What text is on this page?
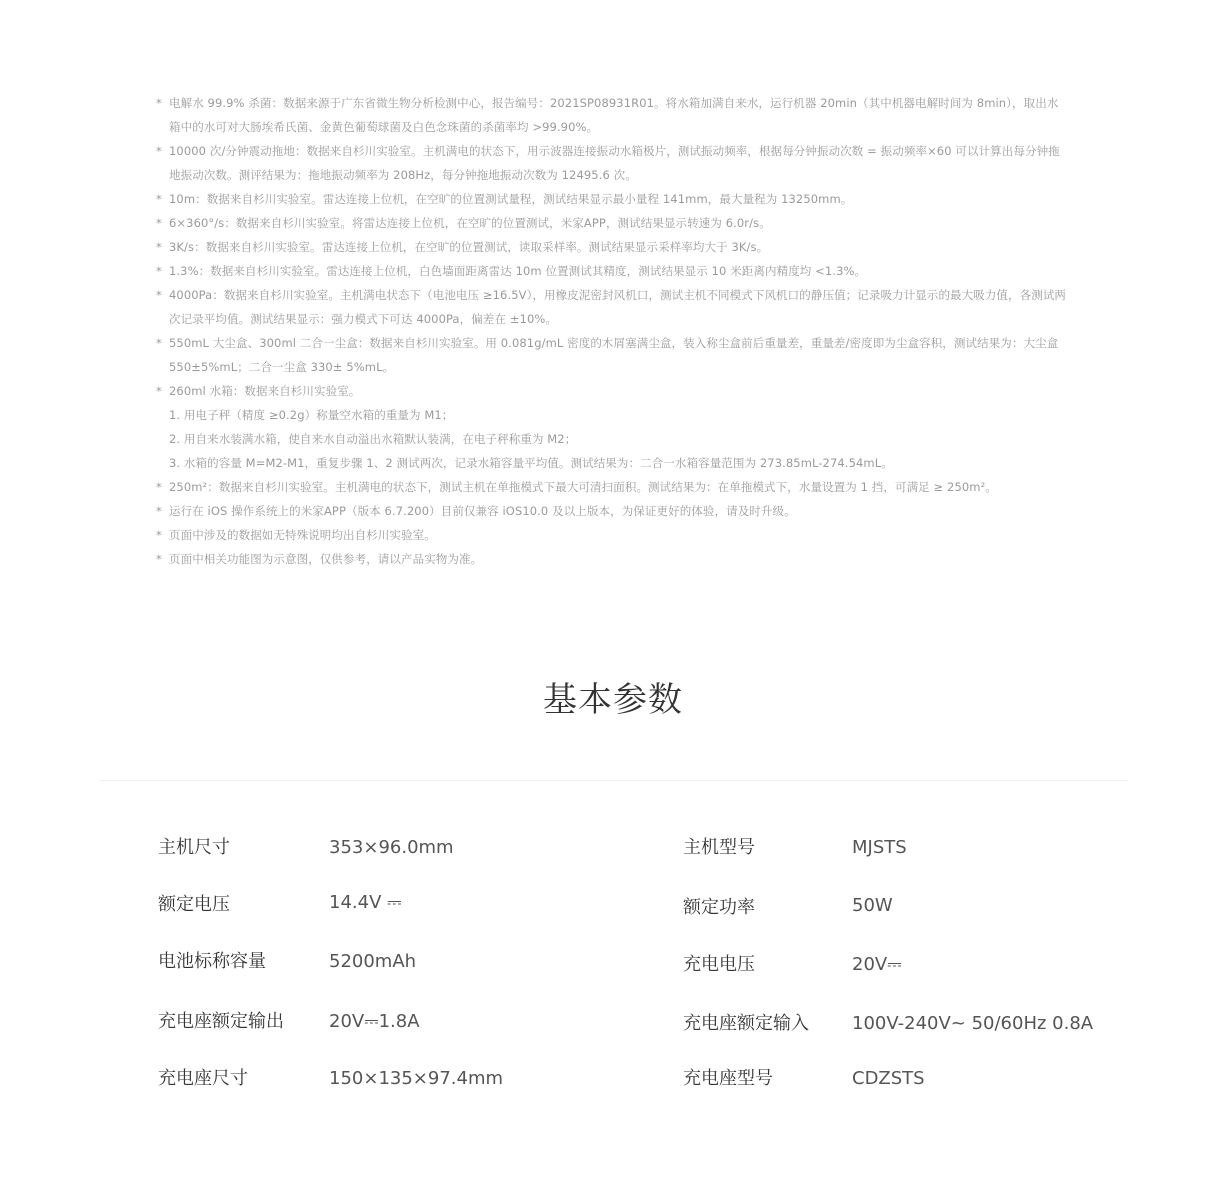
* 电解水 99.9% 杀菌：数据来源于广东省微生物分析检测中心，报告编号：2021SP08931R01。将水箱加满自来水，运行机器 20min（其中机器电解时间为 8min），取出水箱中的水可对大肠埃希氏菌、金黄色葡萄球菌及白色念珠菌的杀菌率均 >99.90%。
* 10000 次/分钟震动拖地：数据来自杉川实验室。主机满电的状态下，用示波器连接振动水箱极片，测试振动频率，根据每分钟振动次数 = 振动频率×60 可以计算出每分钟拖地振动次数。测评结果为：拖地振动频率为 208Hz，每分钟拖地振动次数为 12495.6 次。
* 10m：数据来自杉川实验室。雷达连接上位机，在空旷的位置测试量程，测试结果显示最小量程 141mm，最大量程为 13250mm。
* 6×360°/s：数据来自杉川实验室。将雷达连接上位机，在空旷的位置测试，米家APP，测试结果显示转速为 6.0r/s。
* 3K/s：数据来自杉川实验室。雷达连接上位机，在空旷的位置测试，读取采样率。测试结果显示采样率均大于 3K/s。
* 1.3%：数据来自杉川实验室。雷达连接上位机，白色墙面距离雷达 10m 位置测试其精度，测试结果显示 10 米距离内精度均 <1.3%。
* 4000Pa：数据来自杉川实验室。主机满电状态下（电池电压 ≥16.5V），用橡皮泥密封风机口，测试主机不同模式下风机口的静压值；记录吸力计显示的最大吸力值，各测试两次记录平均值。测试结果显示：强力模式下可达 4000Pa，偏差在 ±10%。
* 550mL 大尘盒、300ml 二合一尘盒：数据来自杉川实验室。用 0.081g/mL 密度的木屑塞满尘盒，装入称尘盒前后重量差，重量差/密度即为尘盒容积，测试结果为：大尘盒 550±5%mL；二合一尘盒 330± 5%mL。
* 260ml 水箱：数据来自杉川实验室。
1. 用电子秤（精度 ≥0.2g）称量空水箱的重量为 M1；
2. 用自来水装满水箱，使自来水自动溢出水箱默认装满，在电子秤称重为 M2；
3. 水箱的容量 M=M2-M1，重复步骤 1、2 测试两次，记录水箱容量平均值。测试结果为：二合一水箱容量范围为 273.85mL-274.54mL。
* 250m²：数据来自杉川实验室。主机满电的状态下，测试主机在单拖模式下最大可清扫面积。测试结果为：在单拖模式下，水量设置为 1 挡，可满足 ≥ 250m²。
* 运行在 iOS 操作系统上的米家APP（版本 6.7.200）目前仅兼容 iOS10.0 及以上版本，为保证更好的体验，请及时升级。
* 页面中涉及的数据如无特殊说明均出自杉川实验室。
* 页面中相关功能图为示意图，仅供参考，请以产品实物为准。
基本参数
主机尺寸	353×96.0mm	主机型号	MJSTS
额定电压	14.4V ⎓	额定功率	50W
电池标称容量	5200mAh	充电电压	20V⎓
充电座额定输出	20V⎓1.8A	充电座额定输入 100V-240V~ 50/60Hz 0.8A
充电座尺寸	150×135×97.4mm	充电座型号	CDZSTS
